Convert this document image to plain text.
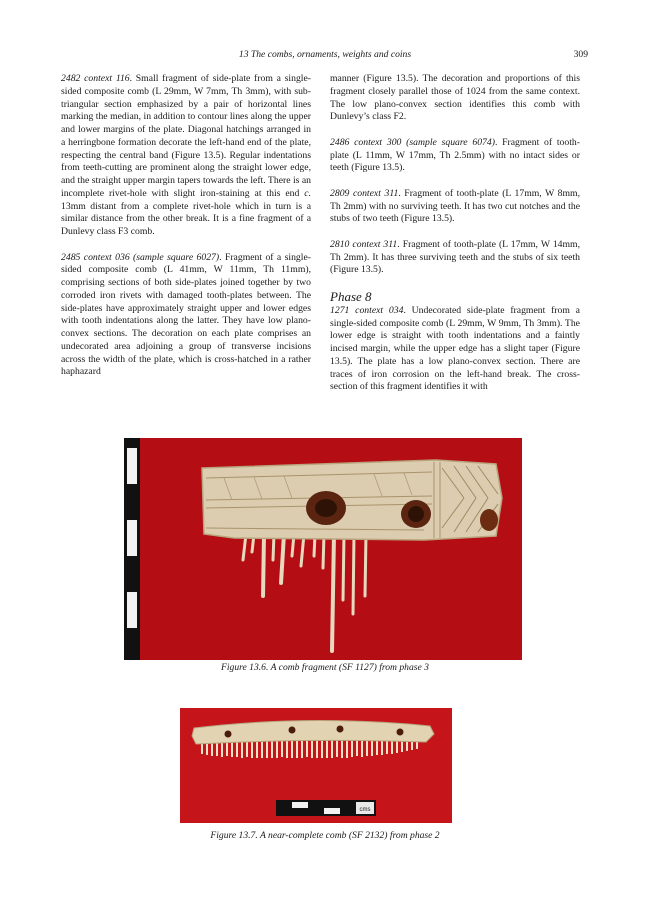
13 The combs, ornaments, weights and coins	309

2482 context 116. Small fragment of side-plate from a single-sided composite comb (L 29mm, W 7mm, Th 3mm), with sub-triangular section emphasized by a pair of horizontal lines marking the median, in addition to contour lines along the upper and lower margins of the plate. Diagonal hatchings arranged in a herringbone formation decorate the left-hand end of the plate, respecting the central band (Figure 13.5). Regular indentations from teeth-cutting are prominent along the straight lower edge, and the straight upper margin tapers towards the left. There is an incomplete rivet-hole with slight iron-staining at this end c. 13mm distant from a complete rivet-hole which in turn is a similar distance from the other break. It is a fine fragment of a Dunlevy class F3 comb.

2485 context 036 (sample square 6027). Fragment of a single-sided composite comb (L 41mm, W 11mm, Th 11mm), comprising sections of both side-plates joined together by two corroded iron rivets with damaged tooth-plates between. The side-plates have approximately straight upper and lower edges with tooth indentations along the latter. They have low plano-convex sections. The decoration on each plate comprises an undecorated area adjoining a group of transverse incisions across the width of the plate, which is cross-hatched in a rather haphazard

manner (Figure 13.5). The decoration and proportions of this fragment closely parallel those of 1024 from the same context. The low plano-convex section identifies this comb with Dunlevy’s class F2.

2486 context 300 (sample square 6074). Fragment of tooth-plate (L 11mm, W 17mm, Th 2.5mm) with no intact sides or teeth (Figure 13.5).

2809 context 311. Fragment of tooth-plate (L 17mm, W 8mm, Th 2mm) with no surviving teeth. It has two cut notches and the stubs of two teeth (Figure 13.5).

2810 context 311. Fragment of tooth-plate (L 17mm, W 14mm, Th 2mm). It has three surviving teeth and the stubs of six teeth (Figure 13.5).

Phase 8

1271 context 034. Undecorated side-plate fragment from a single-sided composite comb (L 29mm, W 9mm, Th 3mm). The lower edge is straight with tooth indentations and a faintly incised margin, while the upper edge has a slight taper (Figure 13.5). The plate has a low plano-convex section. There are traces of iron corrosion on the left-hand break. The cross-section of this fragment identifies it with

Figure 13.6. A comb fragment (SF 1127) from phase 3
cms
Figure 13.7. A near-complete comb (SF 2132) from phase 2
